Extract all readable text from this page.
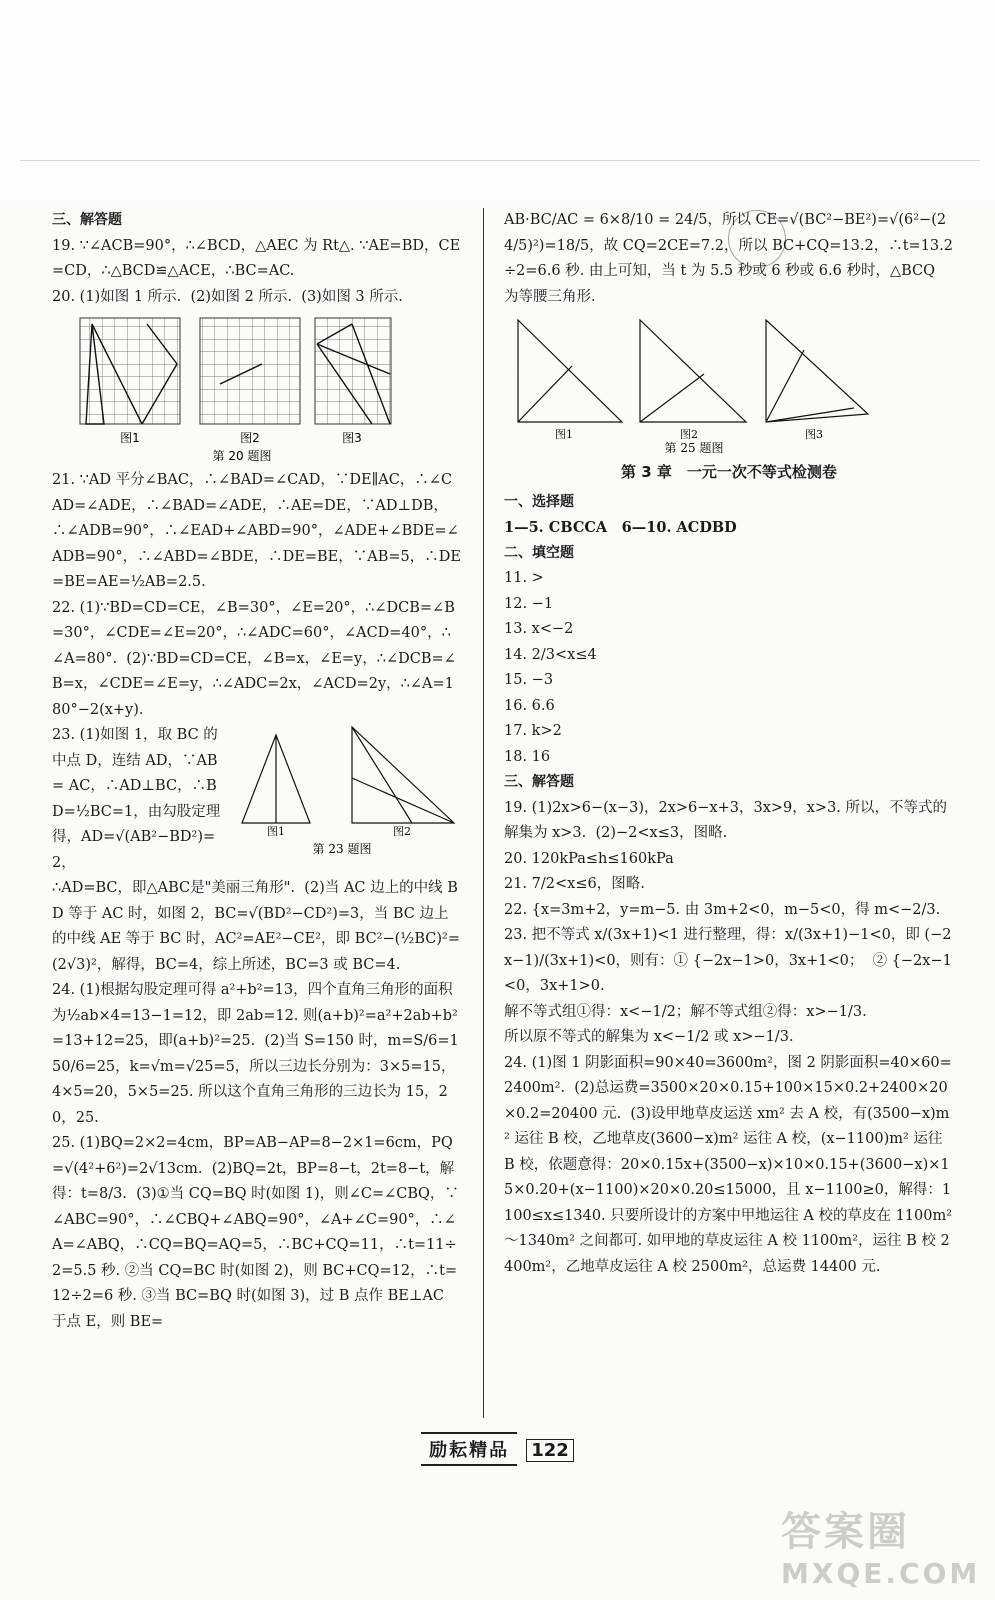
三、解答题

19. ∵∠ACB=90°，∴∠BCD，△AEC 为 Rt△. ∵AE=BD，CE=CD，∴△BCD≌△ACE，∴BC=AC.

20. (1)如图 1 所示.  (2)如图 2 所示.  (3)如图 3 所示.

图1	图2	图3
第 20 题图

21. ∵AD 平分∠BAC，∴∠BAD=∠CAD，∵DE∥AC，∴∠CAD=∠ADE，∴∠BAD=∠ADE，∴AE=DE，∵AD⊥DB，∴∠ADB=90°，∴∠EAD+∠ABD=90°，∠ADE+∠BDE=∠ADB=90°，∴∠ABD=∠BDE，∴DE=BE，∵AB=5，∴DE=BE=AE=½AB=2.5.

22. (1)∵BD=CD=CE，∠B=30°，∠E=20°，∴∠DCB=∠B=30°，∠CDE=∠E=20°，∴∠ADC=60°，∠ACD=40°，∴∠A=80°.  (2)∵BD=CD=CE，∠B=x，∠E=y，∴∠DCB=∠B=x，∠CDE=∠E=y，∴∠ADC=2x，∠ACD=2y，∴∠A=180°−2(x+y).

23. (1)如图 1，取 BC 的中点 D，连结 AD，∵AB = AC，∴AD⊥BC，∴BD=½BC=1，由勾股定理得，AD=√(AB²−BD²)=2，

图1	图2
第 23 题图

∴AD=BC，即△ABC是"美丽三角形".  (2)当 AC 边上的中线 BD 等于 AC 时，如图 2，BC=√(BD²−CD²)=3，当 BC 边上的中线 AE 等于 BC 时，AC²=AE²−CE²，即 BC²−(½BC)²=(2√3)²，解得，BC=4，综上所述，BC=3 或 BC=4.

24. (1)根据勾股定理可得 a²+b²=13，四个直角三角形的面积为½ab×4=13−1=12，即 2ab=12. 则(a+b)²=a²+2ab+b²=13+12=25，即(a+b)²=25.  (2)当 S=150 时，m=S/6=150/6=25，k=√m=√25=5，所以三边长分别为：3×5=15，4×5=20，5×5=25. 所以这个直角三角形的三边长为 15，20，25.

25. (1)BQ=2×2=4cm，BP=AB−AP=8−2×1=6cm，PQ=√(4²+6²)=2√13cm.  (2)BQ=2t，BP=8−t，2t=8−t，解得：t=8/3.  (3)①当 CQ=BQ 时(如图 1)，则∠C=∠CBQ，∵∠ABC=90°，∴∠CBQ+∠ABQ=90°，∠A+∠C=90°，∴∠A=∠ABQ，∴CQ=BQ=AQ=5，∴BC+CQ=11，∴t=11÷2=5.5 秒. ②当 CQ=BC 时(如图 2)，则 BC+CQ=12，∴t=12÷2=6 秒. ③当 BC=BQ 时(如图 3)，过 B 点作 BE⊥AC 于点 E，则 BE=

AB·BC/AC = 6×8/10 = 24/5，所以 CE=√(BC²−BE²)=√(6²−(24/5)²)=18/5，故 CQ=2CE=7.2，所以 BC+CQ=13.2，∴t=13.2÷2=6.6 秒. 由上可知，当 t 为 5.5 秒或 6 秒或 6.6 秒时，△BCQ 为等腰三角形.

图1	图2	图3
第 25 题图

第 3 章　一元一次不等式检测卷

一、选择题

1—5. CBCCA　6—10. ACDBD

二、填空题

11. >

12. −1

13. x<−2

14. 2/3<x≤4

15. −3

16. 6.6

17. k>2

18. 16

三、解答题

19. (1)2x>6−(x−3)，2x>6−x+3，3x>9，x>3. 所以，不等式的解集为 x>3.  (2)−2<x≤3，图略.

20. 120kPa≤h≤160kPa

21. 7/2<x≤6，图略.

22. {x=3m+2，y=m−5. 由 3m+2<0，m−5<0，得 m<−2/3.

23. 把不等式 x/(3x+1)<1 进行整理，得：x/(3x+1)−1<0，即 (−2x−1)/(3x+1)<0，则有：① {−2x−1>0，3x+1<0；  ② {−2x−1<0，3x+1>0.

解不等式组①得：x<−1/2；解不等式组②得：x>−1/3.

所以原不等式的解集为 x<−1/2 或 x>−1/3.

24. (1)图 1 阴影面积=90×40=3600m²，图 2 阴影面积=40×60=2400m².  (2)总运费=3500×20×0.15+100×15×0.2+2400×20×0.2=20400 元.  (3)设甲地草皮运送 xm² 去 A 校，有(3500−x)m² 运往 B 校，乙地草皮(3600−x)m² 运往 A 校，(x−1100)m² 运往 B 校，依题意得：20×0.15x+(3500−x)×10×0.15+(3600−x)×15×0.20+(x−1100)×20×0.20≤15000，且 x−1100≥0，解得：1100≤x≤1340. 只要所设计的方案中甲地运往 A 校的草皮在 1100m²～1340m² 之间都可. 如甲地的草皮运往 A 校 1100m²，运往 B 校 2400m²，乙地草皮运往 A 校 2500m²，总运费 14400 元.

励耘精品 122
答案圈
MXQE.COM
